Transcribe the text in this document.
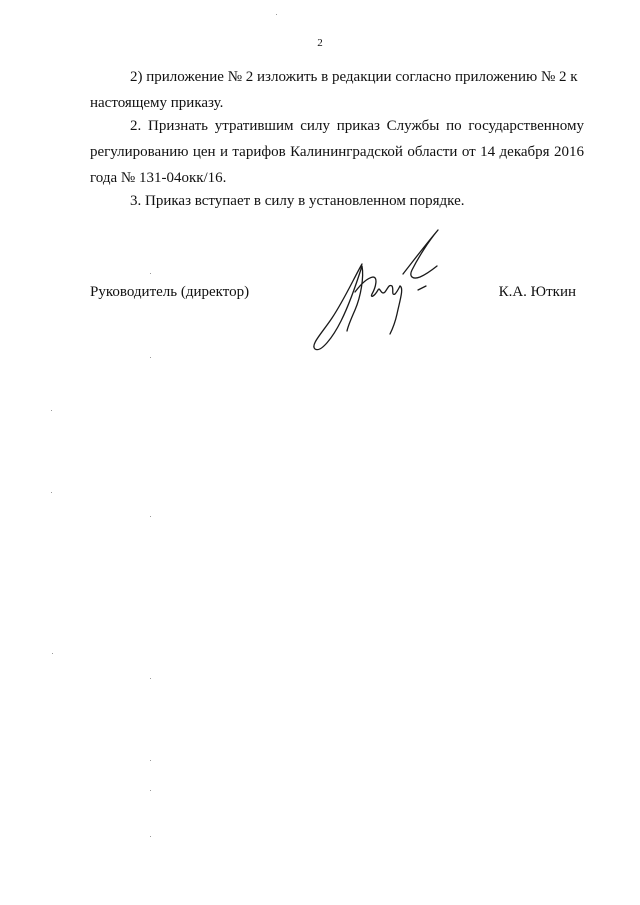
2

2) приложение № 2 изложить в редакции согласно приложению № 2 к
настоящему приказу.

2. Признать утратившим силу приказ Службы по государственному регулированию цен и тарифов Калининградской области от 14 декабря 2016 года № 131-04окк/16.

3. Приказ вступает в силу в установленном порядке.

Руководитель (директор)	К.А. Юткин
